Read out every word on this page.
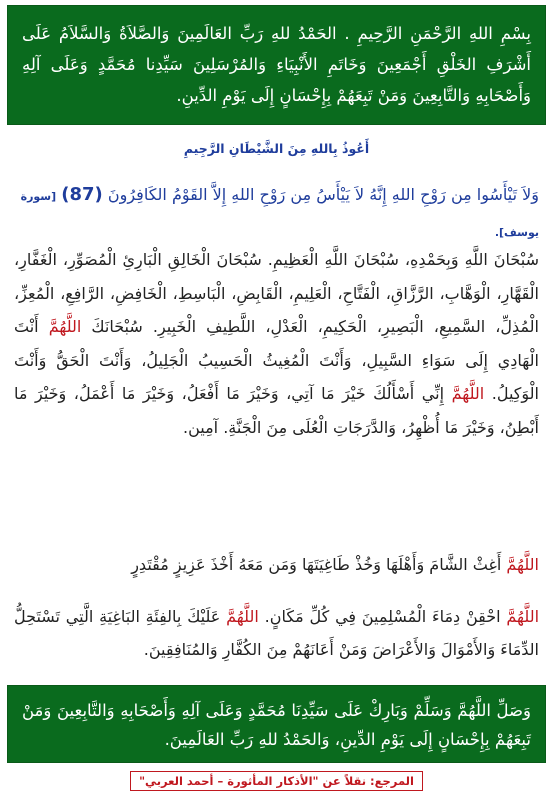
بِسْمِ اللهِ الرَّحْمَنِ الرَّحِيمِ . الحَمْدُ للهِ رَبِّ العَالَمِينَ وَالصَّلاَةُ وَالسَّلاَمُ عَلَى أَشْرَفِ الخَلْقِ أَجْمَعِينَ وَخَاتَمِ الأَنْبِيَاءِ وَالمُرْسَلِينَ سَيِّدِنا مُحَمَّدٍ وَعَلَى آلِهِ وَأَصْحَابِهِ وَالتَّابِعِينَ وَمَنْ تَبِعَهُمْ بِإِحْسَانٍ إِلَى يَوْمِ الدِّينِ.
أَعُوذُ بِاللهِ مِنَ الشَّيْطَانِ الرَّجِيمِ
وَلاَ تَيْأَسُوا مِن رَوْحِ اللهِ إِنَّهُ لاَ يَيْأَسُ مِن رَوْحِ اللهِ إِلاَّ القَوْمُ الكَافِرُونَ (87) [سورة يوسف].
سُبْحَانَ اللَّهِ وَبِحَمْدِهِ، سُبْحَانَ اللَّهِ الْعَظِيمِ. سُبْحَانَ الْخَالِقِ الْبَارِئِ الْمُصَوِّرِ، الْغَفَّارِ، الْقَهَّارِ، الْوَهَّابِ، الرَّزَّاقِ، الْفَتَّاحِ، الْعَلِيمِ، الْقَابِضِ، الْبَاسِطِ، الْخَافِضِ، الرَّافِعِ، الْمُعِزِّ، الْمُذِلِّ، السَّمِيعِ، الْبَصِيرِ، الْحَكِيمِ، الْعَدْلِ، اللَّطِيفِ الْخَبِيرِ. سُبْحَانَكَ اللَّهُمَّ أَنْتَ الْهَادِي إِلَى سَوَاءِ السَّبِيلِ، وَأَنْتَ الْمُغِيثُ الْحَسِيبُ الْجَلِيلُ، وَأَنْتَ الْحَقُّ وَأَنْتَ الْوَكِيلُ. اللَّهُمَّ إِنِّي أَسْأَلُكَ خَيْرَ مَا آتِي، وَخَيْرَ مَا أَفْعَلُ، وَخَيْرَ مَا أَعْمَلُ، وَخَيْرَ مَا أَبْطِنُ، وَخَيْرَ مَا أُظْهِرُ، وَالدَّرَجَاتِ الْعُلَى مِنَ الْجَنَّةِ. آمِين.
اللَّهُمَّ أَغِثْ الشَّامَ وَأَهْلَهَا وَخُذْ طَاغِيَتَهَا وَمَن مَعَهُ أَخْذَ عَزِيزٍ مُقْتَدِرٍ
اللَّهُمَّ احْقِنْ دِمَاءَ الْمُسْلِمِينَ فِي كُلِّ مَكَانٍ. اللَّهُمَّ عَلَيْكَ بِالفِئَةِ البَاغِيَةِ الَّتِي تَسْتَحِلُّ الدِّمَاءَ وَالأَمْوَالَ وَالأَعْرَاضَ وَمَنْ أَعَانَهُمْ مِنَ الكُفَّارِ وَالمُنَافِقِينَ.
وَصَلِّ اللَّهُمَّ وَسَلِّمْ وَبَارِكْ عَلَى سَيِّدِنَا مُحَمَّدٍ وَعَلَى آلِهِ وَأَصْحَابِهِ وَالتَّابِعِينَ وَمَنْ تَبِعَهُمْ بِإِحْسَانٍ إِلَى يَوْمِ الدِّينِ، وَالحَمْدُ للهِ رَبِّ العَالَمِينَ.
المرجع: نقلاً عن "الأذكار المأثورة – أحمد العربي"
